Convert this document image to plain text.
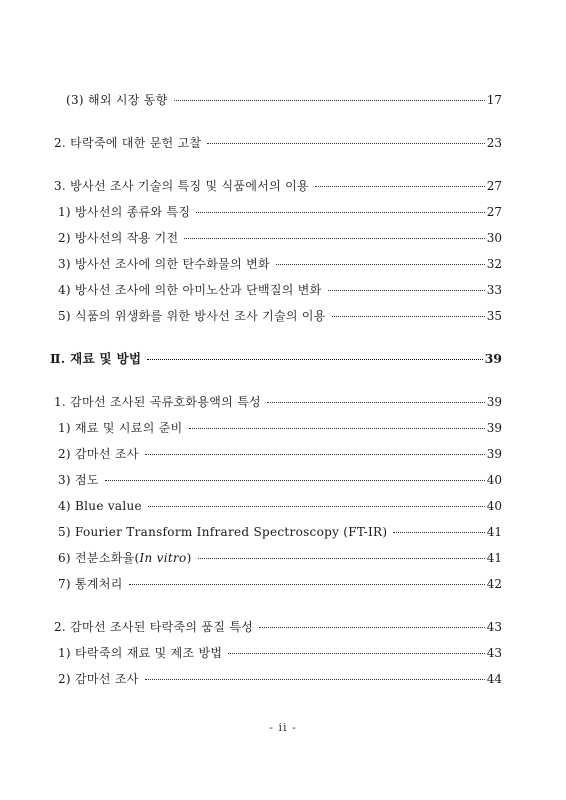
(3) 해외 시장 동향	17
2. 타락죽에 대한 문헌 고찰	23
3. 방사선 조사 기술의 특징 및 식품에서의 이용	27
1) 방사선의 종류와 특징	27
2) 방사선의 작용 기전	30
3) 방사선 조사에 의한 탄수화물의 변화	32
4) 방사선 조사에 의한 아미노산과 단백질의 변화	33
5) 식품의 위생화를 위한 방사선 조사 기술의 이용	35
Ⅱ. 재료 및 방법	39
1. 감마선 조사된 곡류호화용액의 특성	39
1) 재료 및 시료의 준비	39
2) 감마선 조사	39
3) 점도	40
4) Blue value	40
5) Fourier Transform Infrared Spectroscopy (FT-IR)	41
6) 전분소화율(In vitro)	41
7) 통계처리	42
2. 감마선 조사된 타락죽의 품질 특성	43
1) 타락죽의 재료 및 제조 방법	43
2) 감마선 조사	44
- ii -
